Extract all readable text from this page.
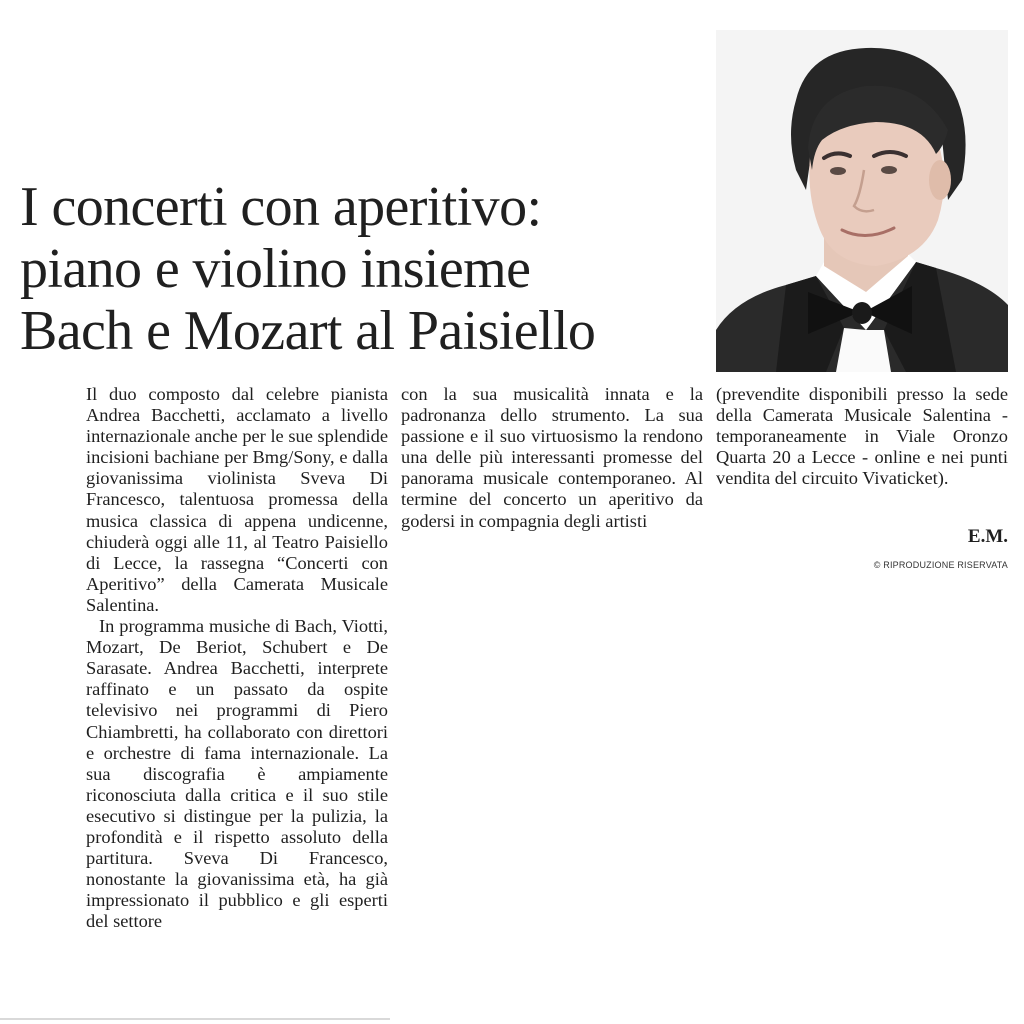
I concerti con aperitivo:
piano e violino insieme
Bach e Mozart al Paisiello

Il duo composto dal celebre pianista Andrea Bacchetti, acclamato a livello internazionale anche per le sue splendide incisioni bachiane per Bmg/Sony, e dalla giovanissima violinista Sveva Di Francesco, talentuosa promessa della musica classica di appena undicenne, chiuderà oggi alle 11, al Teatro Paisiello di Lecce, la rassegna “Concerti con Aperitivo” della Camerata Musicale Salentina.

In programma musiche di Bach, Viotti, Mozart, De Beriot, Schubert e De Sarasate. Andrea Bacchetti, interprete raffinato e un passato da ospite televisivo nei programmi di Piero Chiambretti, ha collaborato con direttori e orchestre di fama internazionale. La sua discografia è ampiamente riconosciuta dalla critica e il suo stile esecutivo si distingue per la pulizia, la profondità e il rispetto assoluto della partitura. Sveva Di Francesco, nonostante la giovanissima età, ha già impressionato il pubblico e gli esperti del settore

con la sua musicalità innata e la padronanza dello strumento. La sua passione e il suo virtuosismo la rendono una delle più interessanti promesse del panorama musicale contemporaneo. Al termine del concerto un aperitivo da godersi in compagnia degli artisti

(prevendite disponibili presso la sede della Camerata Musicale Salentina -temporaneamente in Viale Oronzo Quarta 20 a Lecce - online e nei punti vendita del circuito Vivaticket).

E.M.
© RIPRODUZIONE RISERVATA
